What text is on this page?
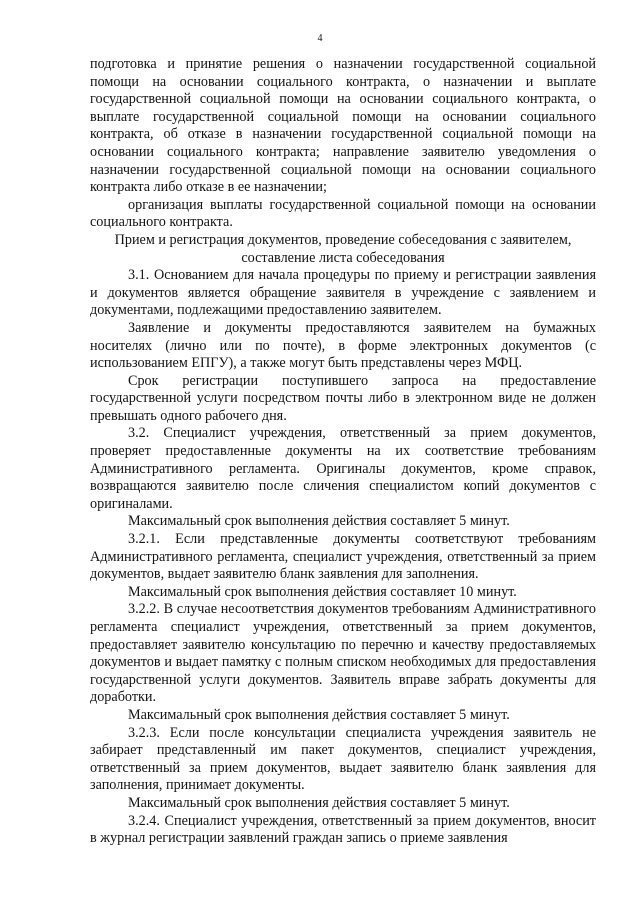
4

подготовка и принятие решения о назначении государственной социальной помощи на основании социального контракта, о назначении и выплате государственной социальной помощи на основании социального контракта, о выплате государственной социальной помощи на основании социального контракта, об отказе в назначении государственной социальной помощи на основании социального контракта; направление заявителю уведомления о назначении государственной социальной помощи на основании социального контракта либо отказе в ее назначении;

организация выплаты государственной социальной помощи на основании социального контракта.

Прием и регистрация документов, проведение собеседования с заявителем, составление листа собеседования

3.1. Основанием для начала процедуры по приему и регистрации заявления и документов является обращение заявителя в учреждение с заявлением и документами, подлежащими предоставлению заявителем.

Заявление и документы предоставляются заявителем на бумажных носителях (лично или по почте), в форме электронных документов (с использованием ЕПГУ), а также могут быть представлены через МФЦ.

Срок регистрации поступившего запроса на предоставление государственной услуги посредством почты либо в электронном виде не должен превышать одного рабочего дня.

3.2. Специалист учреждения, ответственный за прием документов, проверяет предоставленные документы на их соответствие требованиям Административного регламента. Оригиналы документов, кроме справок, возвращаются заявителю после сличения специалистом копий документов с оригиналами.

Максимальный срок выполнения действия составляет 5 минут.

3.2.1. Если представленные документы соответствуют требованиям Административного регламента, специалист учреждения, ответственный за прием документов, выдает заявителю бланк заявления для заполнения.

Максимальный срок выполнения действия составляет 10 минут.

3.2.2. В случае несоответствия документов требованиям Административного регламента специалист учреждения, ответственный за прием документов, предоставляет заявителю консультацию по перечню и качеству предоставляемых документов и выдает памятку с полным списком необходимых для предоставления государственной услуги документов. Заявитель вправе забрать документы для доработки.

Максимальный срок выполнения действия составляет 5 минут.

3.2.3. Если после консультации специалиста учреждения заявитель не забирает представленный им пакет документов, специалист учреждения, ответственный за прием документов, выдает заявителю бланк заявления для заполнения, принимает документы.

Максимальный срок выполнения действия составляет 5 минут.

3.2.4. Специалист учреждения, ответственный за прием документов, вносит в журнал регистрации заявлений граждан запись о приеме заявления
